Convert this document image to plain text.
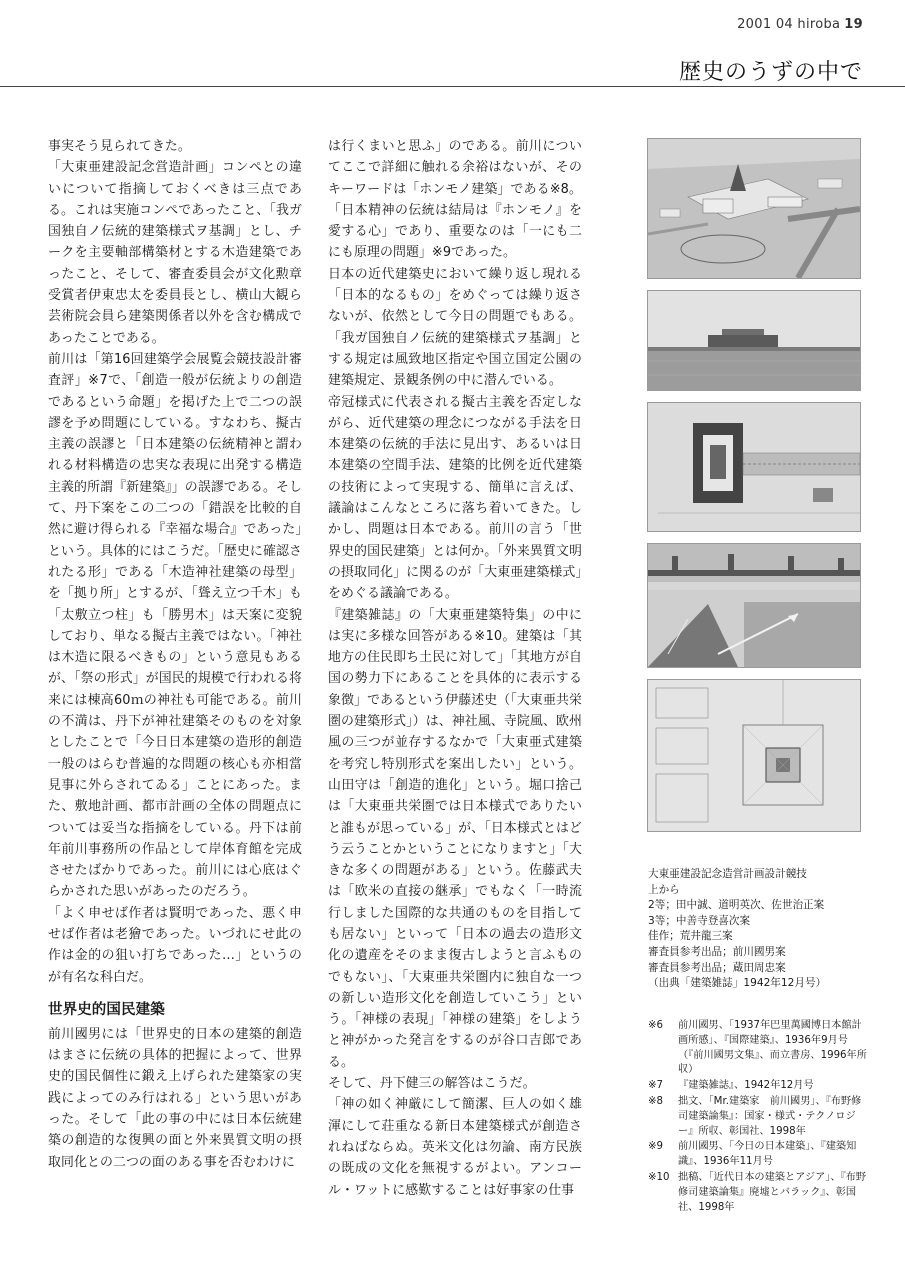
2001 04 hiroba 19
歴史のうずの中で

事実そう見られてきた。

「大東亜建設記念営造計画」コンペとの違いについて指摘しておくべきは三点である。これは実施コンペであったこと、「我ガ国独自ノ伝統的建築様式ヲ基調」とし、チークを主要軸部構築材とする木造建築であったこと、そして、審査委員会が文化勲章受賞者伊東忠太を委員長とし、横山大観ら芸術院会員ら建築関係者以外を含む構成であったことである。

前川は「第16回建築学会展覧会競技設計審査評」※7で、「創造一般が伝統よりの創造であるという命題」を掲げた上で二つの誤謬を予め問題にしている。すなわち、擬古主義の誤謬と「日本建築の伝統精神と謂われる材料構造の忠実な表現に出発する構造主義的所謂『新建築』」の誤謬である。そして、丹下案をこの二つの「錯誤を比較的自然に避け得られる『幸福な場合』であった」という。具体的にはこうだ。「歴史に確認されたる形」である「木造神社建築の母型」を「拠り所」とするが、「聳え立つ千木」も「太敷立つ柱」も「勝男木」は天案に変貌しており、単なる擬古主義ではない。「神社は木造に限るべきもの」という意見もあるが、「祭の形式」が国民的規模で行われる将来には棟高60ｍの神社も可能である。前川の不満は、丹下が神社建築そのものを対象としたことで「今日日本建築の造形的創造一般のはらむ普遍的な問題の核心も亦相當見事に外らされてゐる」ことにあった。また、敷地計画、都市計画の全体の問題点については妥当な指摘をしている。丹下は前年前川事務所の作品として岸体育館を完成させたばかりであった。前川には心底はぐらかされた思いがあったのだろう。

「よく申せば作者は賢明であった、悪く申せば作者は老獪であった。いづれにせ此の作は金的の狙い打ちであった…」というのが有名な科白だ。

世界史的国民建築

前川國男には「世界史的日本の建築的創造はまさに伝統の具体的把握によって、世界史的国民個性に鍛え上げられた建築家の実践によってのみ行はれる」という思いがあった。そして「此の事の中には日本伝統建築の創造的な復興の面と外来異質文明の摂取同化との二つの面のある事を否むわけに

は行くまいと思ふ」のである。前川についてここで詳細に触れる余裕はないが、そのキーワードは「ホンモノ建築」である※8。「日本精神の伝統は結局は『ホンモノ』を愛する心」であり、重要なのは「一にも二にも原理の問題」※9であった。

日本の近代建築史において繰り返し現れる「日本的なるもの」をめぐっては繰り返さないが、依然として今日の問題でもある。「我ガ国独自ノ伝統的建築様式ヲ基調」とする規定は風致地区指定や国立国定公園の建築規定、景観条例の中に潜んでいる。

帝冠様式に代表される擬古主義を否定しながら、近代建築の理念につながる手法を日本建築の伝統的手法に見出す、あるいは日本建築の空間手法、建築的比例を近代建築の技術によって実現する、簡単に言えば、議論はこんなところに落ち着いてきた。しかし、問題は日本である。前川の言う「世界史的国民建築」とは何か。「外来異質文明の摂取同化」に関るのが「大東亜建築様式」をめぐる議論である。

『建築雑誌』の「大東亜建築特集」の中には実に多様な回答がある※10。建築は「其地方の住民即ち土民に対して」「其地方が自国の勢力下にあることを具体的に表示する象徴」であるという伊藤述史（「大東亜共栄圏の建築形式」）は、神社風、寺院風、欧州風の三つが並存するなかで「大東亜式建築を考究し特別形式を案出したい」という。山田守は「創造的進化」という。堀口捨己は「大東亜共栄圏では日本様式でありたいと誰もが思っている」が、「日本様式とはどう云うことかということになりますと」「大きな多くの問題がある」という。佐藤武夫は「欧米の直接の継承」でもなく「一時流行しました国際的な共通のものを目指しても居ない」といって「日本の過去の造形文化の遺産をそのまま復古しようと言ふものでもない」、「大東亜共栄圏内に独自な一つの新しい造形文化を創造していこう」という。「神様の表現」「神様の建築」をしようと神がかった発言をするのが谷口吉郎である。

そして、丹下健三の解答はこうだ。

「神の如く神厳にして簡潔、巨人の如く雄渾にして荘重なる新日本建築様式が創造されねばならぬ。英米文化は勿論、南方民族の既成の文化を無視するがよい。アンコール・ワットに感歎することは好事家の仕事

大東亜建設記念造営計画設計競技
上から
2等；田中誠、道明英次、佐世治正案
3等；中善寺登喜次案
佳作；荒井龍三案
審査員参考出品；前川國男案
審査員参考出品；蔵田周忠案
（出典「建築雑誌」1942年12月号）
※6	前川國男、「1937年巴里萬國博日本館計画所感」、『国際建築』、1936年9月号（『前川國男文集』、而立書房、1996年所収）
※7	『建築雑誌』、1942年12月号
※8	拙文、「Mr.建築家　前川國男」、『布野修司建築論集』：国家・様式・テクノロジー』所収、彰国社、1998年
※9	前川國男、「今日の日本建築」、『建築知識』、1936年11月号
※10 拙稿、「近代日本の建築とアジア」、『布野修司建築論集』廃墟とバラック』、彰国社、1998年
